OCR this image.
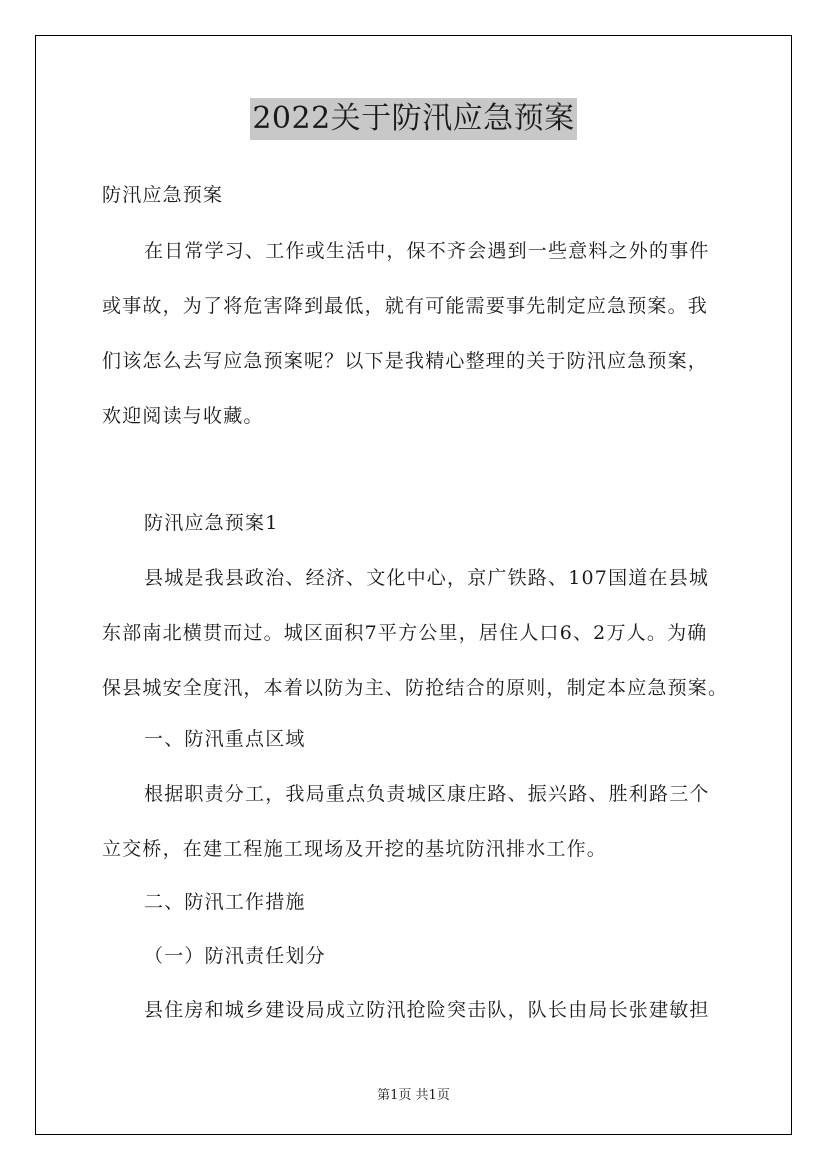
2022关于防汛应急预案
防汛应急预案
在日常学习、工作或生活中，保不齐会遇到一些意料之外的事件
或事故，为了将危害降到最低，就有可能需要事先制定应急预案。我
们该怎么去写应急预案呢？以下是我精心整理的关于防汛应急预案，
欢迎阅读与收藏。
防汛应急预案1
县城是我县政治、经济、文化中心，京广铁路、107国道在县城
东部南北横贯而过。城区面积7平方公里，居住人口6、2万人。为确
保县城安全度汛，本着以防为主、防抢结合的原则，制定本应急预案。
一、防汛重点区域
根据职责分工，我局重点负责城区康庄路、振兴路、胜利路三个
立交桥，在建工程施工现场及开挖的基坑防汛排水工作。
二、防汛工作措施
（一）防汛责任划分
县住房和城乡建设局成立防汛抢险突击队，队长由局长张建敏担
第1页 共1页
